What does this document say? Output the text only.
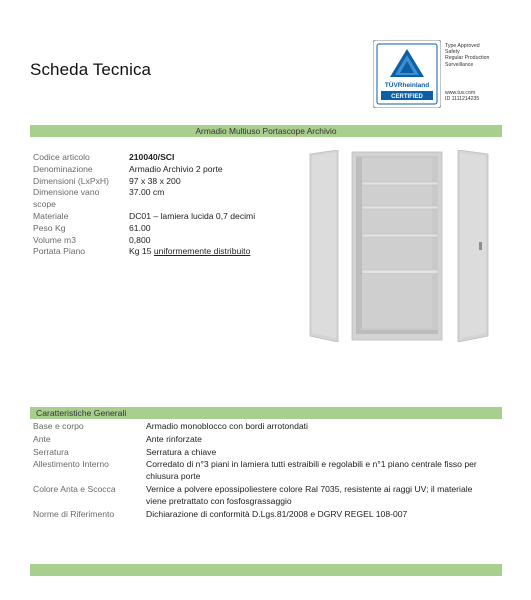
Scheda Tecnica
TÜVRheinland
CERTIFIED
Type Approved
Safety
Regular Production
Surveillance
www.tuv.com
ID 1111214235
Armadio Multiuso Portascope Archivio
Codice articolo	210040/SCI
Denominazione	Armadio Archivio 2 porte
Dimensioni (LxPxH)	97 x 38 x 200
Dimensione vano	37.00 cm
scope
Materiale	DC01 – lamiera lucida 0,7 decimi
Peso Kg	61.00
Volume m3	0,800
Portata Piano	Kg 15 uniformemente distribuito
Caratteristiche Generali
Base e corpo	Armadio monoblocco con bordi arrotondati
Ante	Ante rinforzate
Serratura	Serratura a chiave
Allestimento Interno	Corredato di n°3 piani in lamiera tutti estraibili e regolabili e n°1 piano centrale fisso per chiusura porte
Colore Anta e Scocca	Vernice a polvere epossipoliestere colore Ral 7035, resistente ai raggi UV; il materiale viene pretrattato con fosfosgrassaggio
Norme di Riferimento	Dichiarazione di conformità D.Lgs.81/2008 e DGRV REGEL 108-007
